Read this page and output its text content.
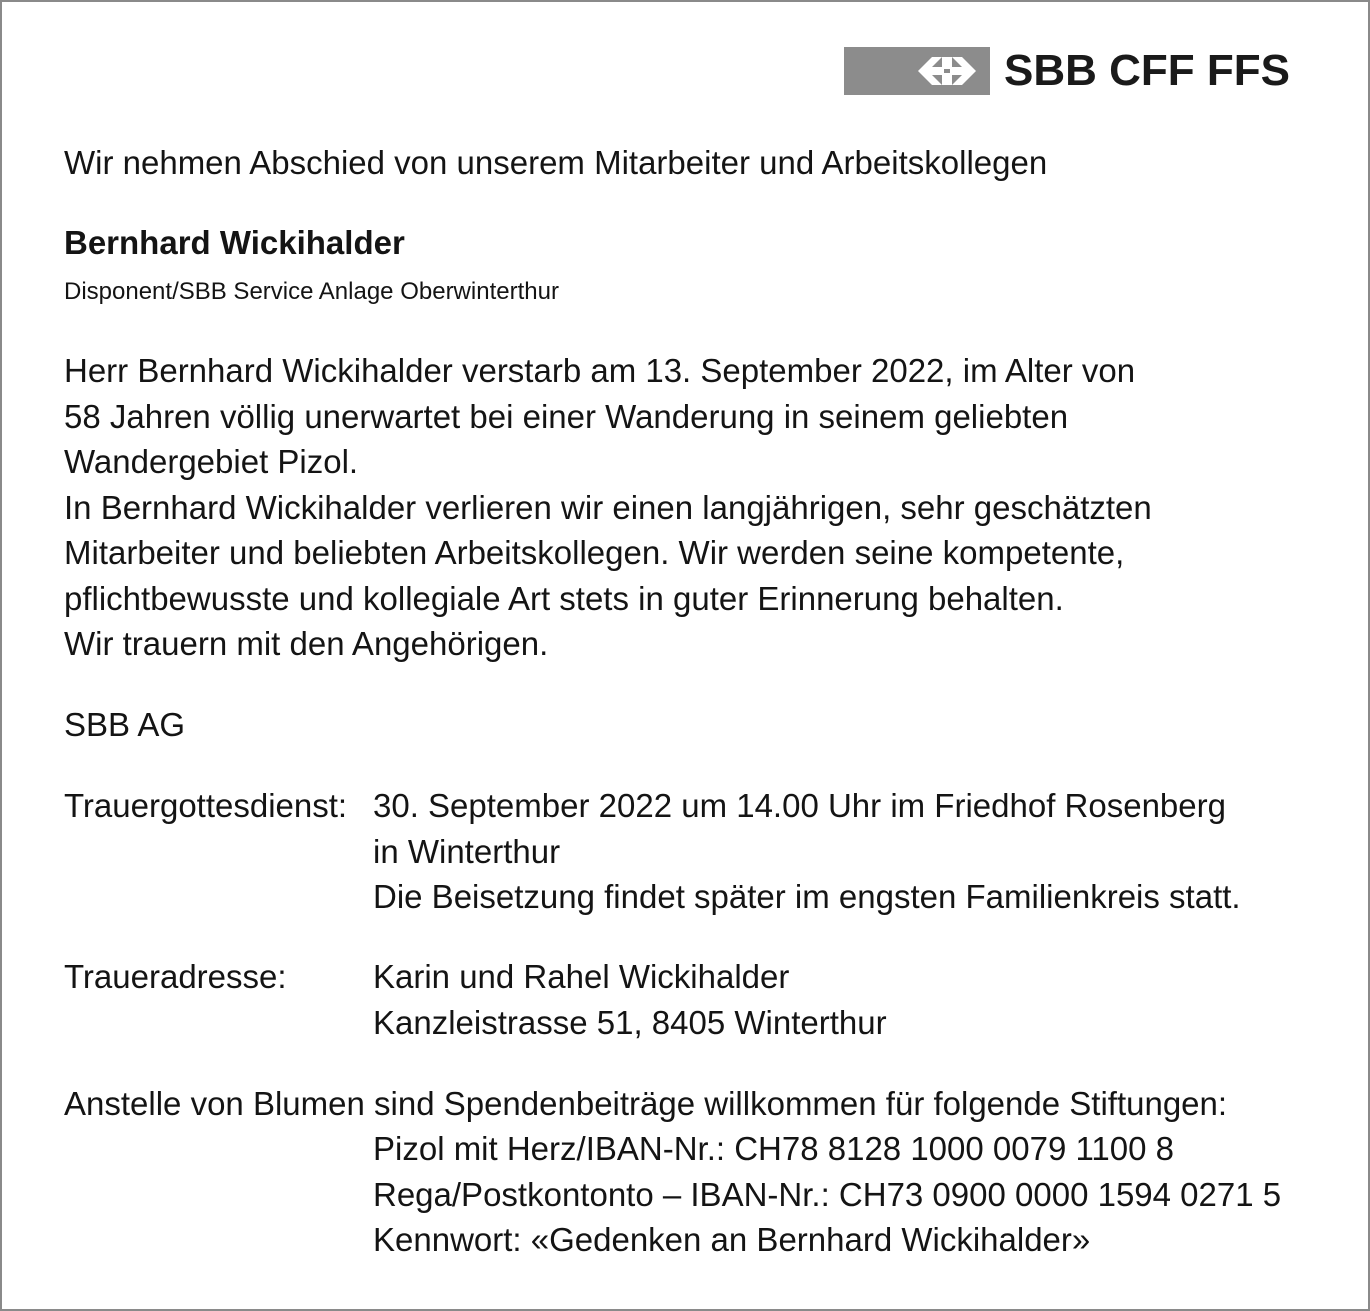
SBB CFF FFS

Wir nehmen Abschied von unserem Mitarbeiter und Arbeitskollegen

Bernhard Wickihalder

Disponent/SBB Service Anlage Oberwinterthur

Herr Bernhard Wickihalder verstarb am 13. September 2022, im Alter von
58 Jahren völlig unerwartet bei einer Wanderung in seinem geliebten
Wandergebiet Pizol.
In Bernhard Wickihalder verlieren wir einen langjährigen, sehr geschätzten
Mitarbeiter und beliebten Arbeitskollegen. Wir werden seine kompetente,
pflichtbewusste und kollegiale Art stets in guter Erinnerung behalten.
Wir trauern mit den Angehörigen.

SBB AG

Trauergottesdienst: 30. September 2022 um 14.00 Uhr im Friedhof Rosenberg
in Winterthur
Die Beisetzung findet später im engsten Familienkreis statt.
Traueradresse:	Karin und Rahel Wickihalder
Kanzleistrasse 51, 8405 Winterthur

Anstelle von Blumen sind Spendenbeiträge willkommen für folgende Stiftungen:

Pizol mit Herz/IBAN-Nr.: CH78 8128 1000 0079 1100 8
Rega/Postkontonto – IBAN-Nr.: CH73 0900 0000 1594 0271 5
Kennwort: «Gedenken an Bernhard Wickihalder»
